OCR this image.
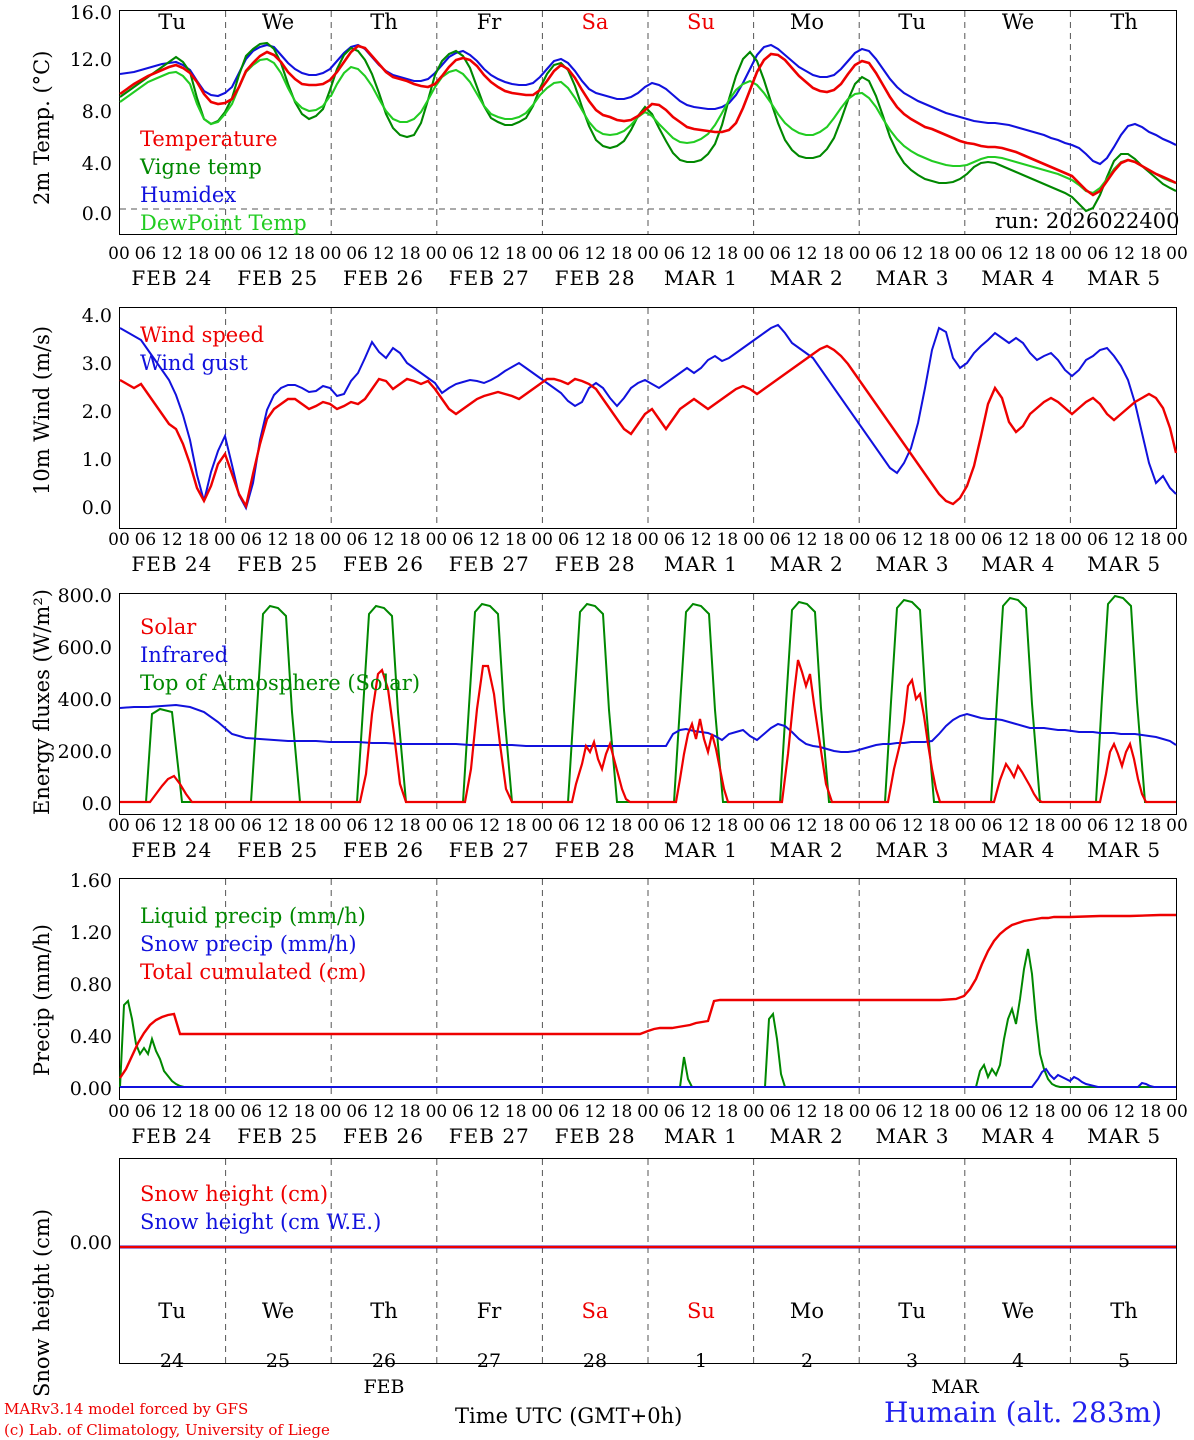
2m Temp. (°C)
16.0
12.0
8.0
4.0
0.0
Temperature
Vigne temp
Humidex
DewPoint Temp	run: 2026022400
Tu	We	Th	Fr	Sa	Su	Mo	Tu	We	Th
00 06 12 18 00 06 12 18 00 06 12 18 00 06 12 18 00 06 12 18 00 06 12 18 00 06 12 18 00 06 12 18 00 06 12 18 00 06 12 18 00
FEB 24	FEB 25	FEB 26	FEB 27	FEB 28	MAR 1	MAR 2	MAR 3	MAR 4	MAR 5
10m Wind (m/s)
4.0
3.0
2.0
1.0
0.0
Wind speed
Wind gust
00 06 12 18 00 06 12 18 00 06 12 18 00 06 12 18 00 06 12 18 00 06 12 18 00 06 12 18 00 06 12 18 00 06 12 18 00 06 12 18 00
FEB 24	FEB 25	FEB 26	FEB 27	FEB 28	MAR 1	MAR 2	MAR 3	MAR 4	MAR 5
Energy fluxes (W/m²) 800.0
600.0
400.0
200.0
0.0
Solar
Infrared
Top of Atmosphere (Solar)
00 06 12 18 00 06 12 18 00 06 12 18 00 06 12 18 00 06 12 18 00 06 12 18 00 06 12 18 00 06 12 18 00 06 12 18 00 06 12 18 00
FEB 24	FEB 25	FEB 26	FEB 27	FEB 28	MAR 1	MAR 2	MAR 3	MAR 4	MAR 5
Precip (mm/h)
1.60
1.20
0.80
0.40
0.00
Liquid precip (mm/h)
Snow precip (mm/h)
Total cumulated (cm)
00 06 12 18 00 06 12 18 00 06 12 18 00 06 12 18 00 06 12 18 00 06 12 18 00 06 12 18 00 06 12 18 00 06 12 18 00 06 12 18 00
FEB 24	FEB 25	FEB 26	FEB 27	FEB 28	MAR 1	MAR 2	MAR 3	MAR 4	MAR 5
Snow height (cm) 0.00
Snow height (cm)
Snow height (cm W.E.)
Tu	We	Th	Fr	Sa	Su	Mo	Tu	We	Th
24	25	26	27	28	1	2	3	4	5
FEB	MAR
MARv3.14 model forced by GFS
(c) Lab. of Climatology, University of Liege
Time UTC (GMT+0h)	Humain (alt. 283m)
